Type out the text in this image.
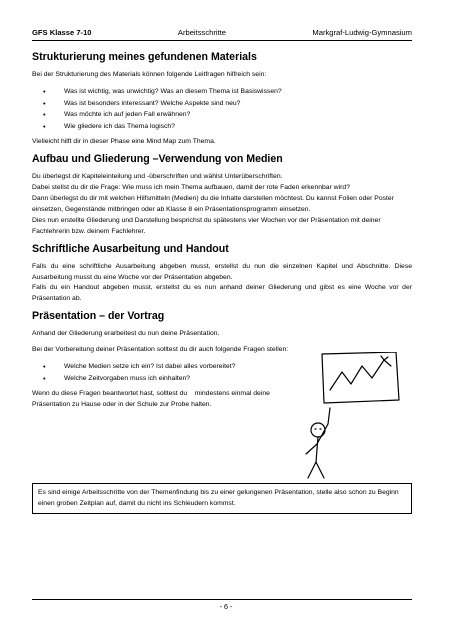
GFS Klasse 7-10	Arbeitsschritte	Markgraf-Ludwig-Gymnasium
Strukturierung meines gefundenen Materials

Bei der Strukturierung des Materials können folgende Leitfragen hilfreich sein:

• Was ist wichtig, was unwichtig? Was an diesem Thema ist Basiswissen?
• Was ist besonders interessant? Welche Aspekte sind neu?
• Was möchte ich auf jeden Fall erwähnen?
• Wie gliedere ich das Thema logisch?

Vielleicht hilft dir in dieser Phase eine Mind Map zum Thema.

Aufbau und Gliederung –Verwendung von Medien

Du überlegst dir Kapiteleinteilung und -überschriften und wählst Unterüberschriften.

Dabei stellst du dir die Frage: Wie muss ich mein Thema aufbauen, damit der rote Faden erkennbar wird?

Dann überlegst du dir mit welchen Hilfsmitteln (Medien) du die Inhalte darstellen möchtest. Du kannst Folien oder Poster einsetzen, Gegenstände mitbringen oder ab Klasse 8 ein Präsentationsprogramm einsetzen.

Dies nun erstellte Gliederung und Darstellung besprichst du spätestens vier Wochen vor der Präsentation mit deiner Fachlehrerin bzw. deinem Fachlehrer.

Schriftliche Ausarbeitung und Handout

Falls du eine schriftliche Ausarbeitung abgeben musst, erstellst du nun die einzelnen Kapitel und Abschnitte. Diese Ausarbeitung musst du eine Woche vor der Präsentation abgeben.

Falls du ein Handout abgeben musst, erstellst du es nun anhand deiner Gliederung und gibst es eine Woche vor der Präsentation ab.

Präsentation – der Vortrag

Anhand der Gliederung erarbeitest du nun deine Präsentation.

Bei der Vorbereitung deiner Präsentation solltest du dir auch folgende Fragen stellen:

• Welche Medien setze ich ein? Ist dabei alles vorbereitet?
• Welche Zeitvorgaben muss ich einhalten?

Wenn du diese Fragen beantwortet hast, solltest du    mindestens einmal deine

Präsentation zu Hause oder in der Schule zur Probe halten.

Es sind einige Arbeitsschritte von der Themenfindung bis zu einer gelungenen Präsentation, stelle also schon zu Beginn einen groben Zeitplan auf, damit du nicht ins Schleudern kommst.
- 6 -
